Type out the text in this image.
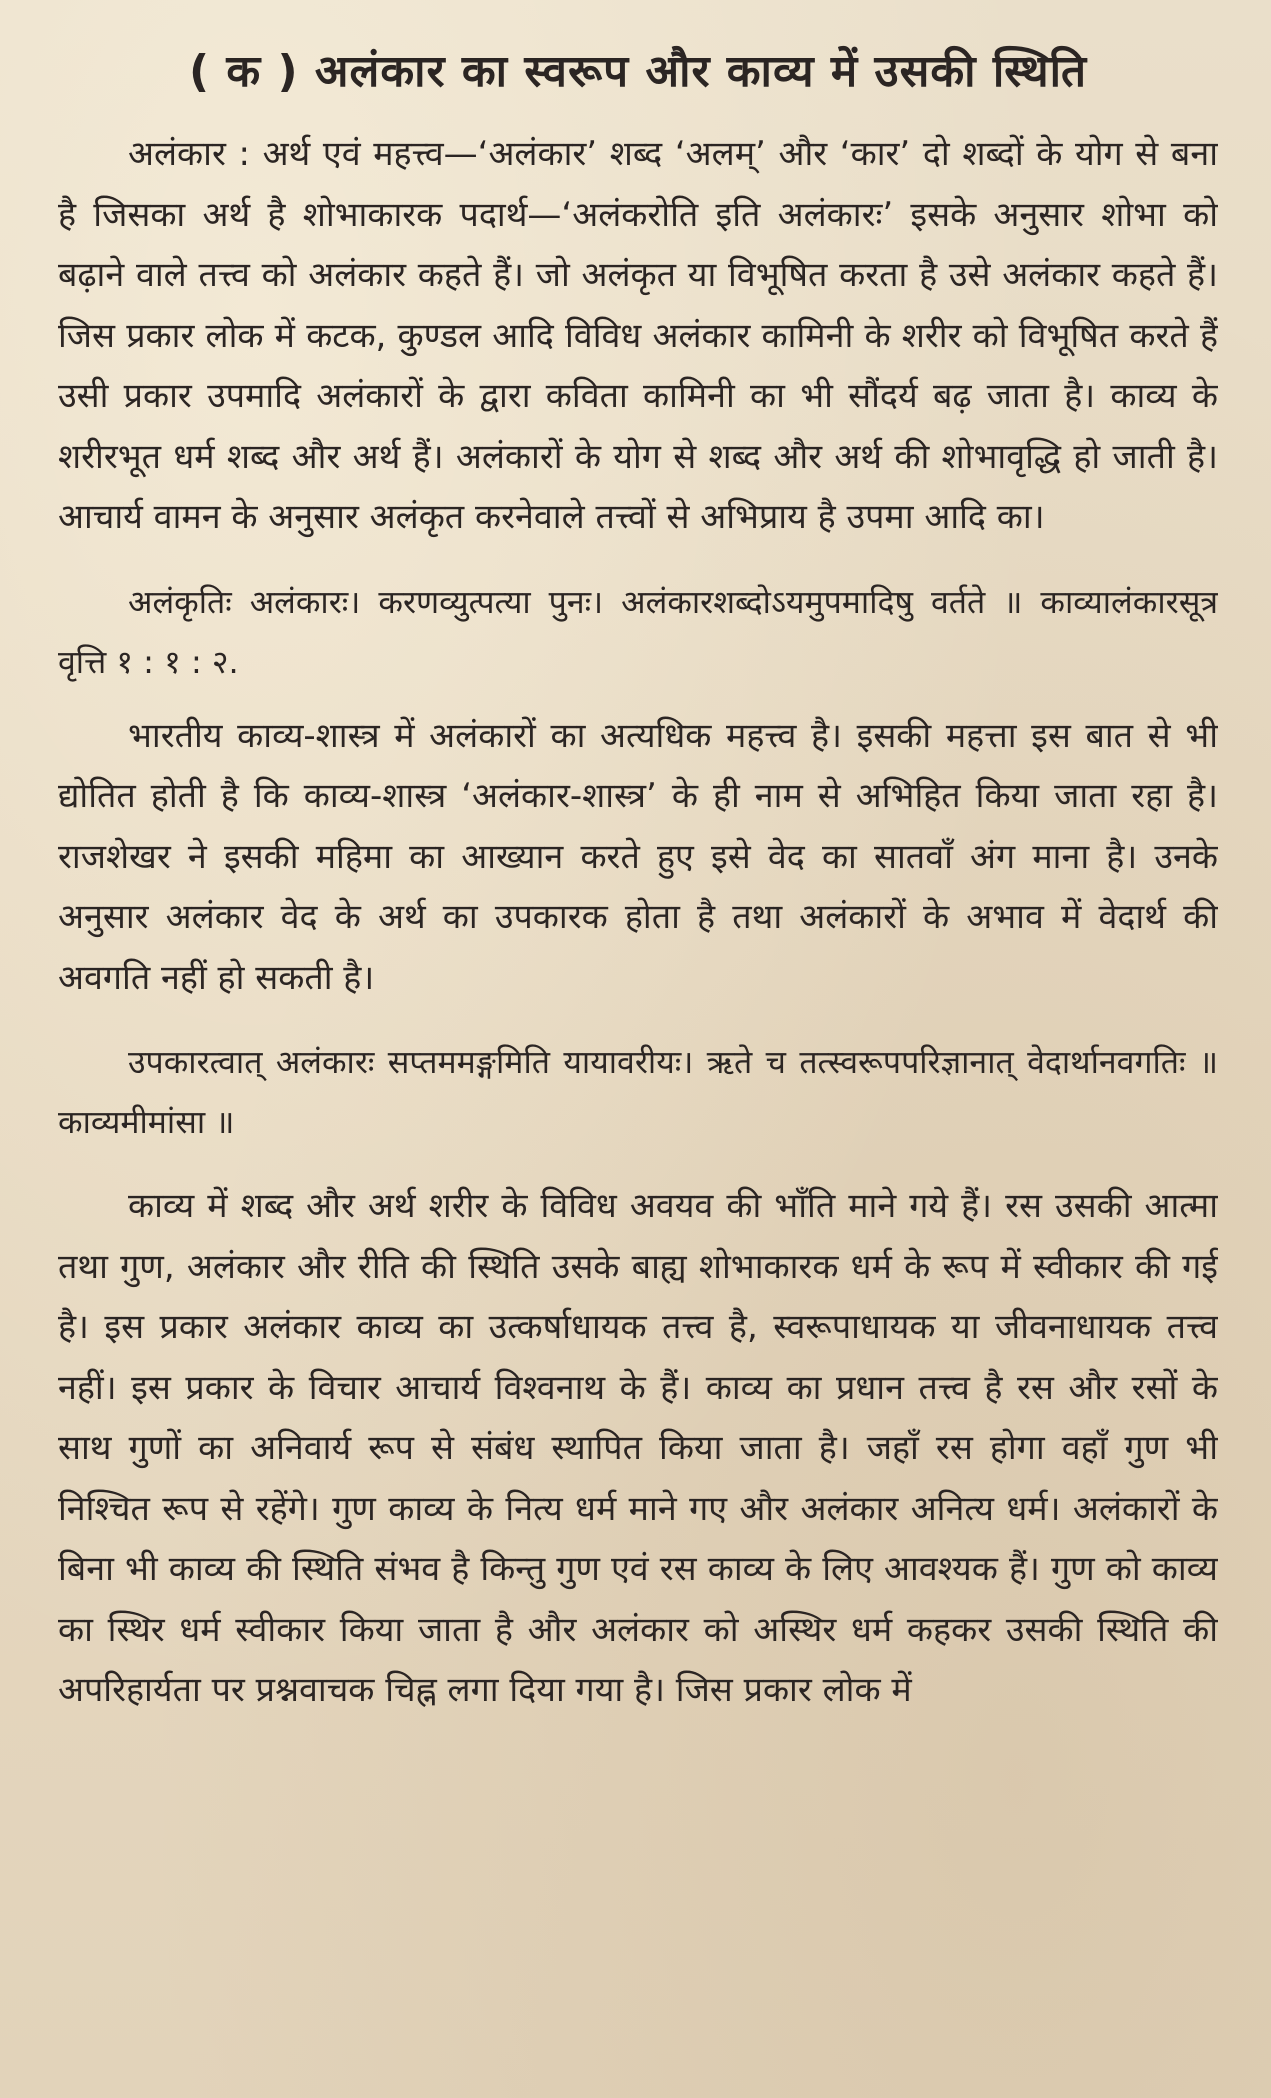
( क ) अलंकार का स्वरूप और काव्य में उसकी स्थिति

अलंकार : अर्थ एवं महत्त्व—‘अलंकार’ शब्द ‘अलम्’ और ‘कार’ दो शब्दों के योग से बना है जिसका अर्थ है शोभाकारक पदार्थ—‘अलंकरोति इति अलंकारः’ इसके अनुसार शोभा को बढ़ाने वाले तत्त्व को अलंकार कहते हैं। जो अलंकृत या विभूषित करता है उसे अलंकार कहते हैं। जिस प्रकार लोक में कटक, कुण्डल आदि विविध अलंकार कामिनी के शरीर को विभूषित करते हैं उसी प्रकार उपमादि अलंकारों के द्वारा कविता कामिनी का भी सौंदर्य बढ़ जाता है। काव्य के शरीरभूत धर्म शब्द और अर्थ हैं। अलंकारों के योग से शब्द और अर्थ की शोभावृद्धि हो जाती है। आचार्य वामन के अनुसार अलंकृत करनेवाले तत्त्वों से अभिप्राय है उपमा आदि का।

अलंकृतिः अलंकारः। करणव्युत्पत्या पुनः। अलंकारशब्दोऽयमुपमादिषु वर्तते ॥ काव्यालंकारसूत्र वृत्ति १ : १ : २.

भारतीय काव्य-शास्त्र में अलंकारों का अत्यधिक महत्त्व है। इसकी महत्ता इस बात से भी द्योतित होती है कि काव्य-शास्त्र ‘अलंकार-शास्त्र’ के ही नाम से अभिहित किया जाता रहा है। राजशेखर ने इसकी महिमा का आख्यान करते हुए इसे वेद का सातवाँ अंग माना है। उनके अनुसार अलंकार वेद के अर्थ का उपकारक होता है तथा अलंकारों के अभाव में वेदार्थ की अवगति नहीं हो सकती है।

उपकारत्वात् अलंकारः सप्तममङ्गमिति यायावरीयः। ऋते च तत्स्वरूपपरिज्ञानात् वेदार्थानवगतिः ॥ काव्यमीमांसा ॥

काव्य में शब्द और अर्थ शरीर के विविध अवयव की भाँति माने गये हैं। रस उसकी आत्मा तथा गुण, अलंकार और रीति की स्थिति उसके बाह्य शोभाकारक धर्म के रूप में स्वीकार की गई है। इस प्रकार अलंकार काव्य का उत्कर्षाधायक तत्त्व है, स्वरूपाधायक या जीवनाधायक तत्त्व नहीं। इस प्रकार के विचार आचार्य विश्वनाथ के हैं। काव्य का प्रधान तत्त्व है रस और रसों के साथ गुणों का अनिवार्य रूप से संबंध स्थापित किया जाता है। जहाँ रस होगा वहाँ गुण भी निश्चित रूप से रहेंगे। गुण काव्य के नित्य धर्म माने गए और अलंकार अनित्य धर्म। अलंकारों के बिना भी काव्य की स्थिति संभव है किन्तु गुण एवं रस काव्य के लिए आवश्यक हैं। गुण को काव्य का स्थिर धर्म स्वीकार किया जाता है और अलंकार को अस्थिर धर्म कहकर उसकी स्थिति की अपरिहार्यता पर प्रश्नवाचक चिह्न लगा दिया गया है। जिस प्रकार लोक में
